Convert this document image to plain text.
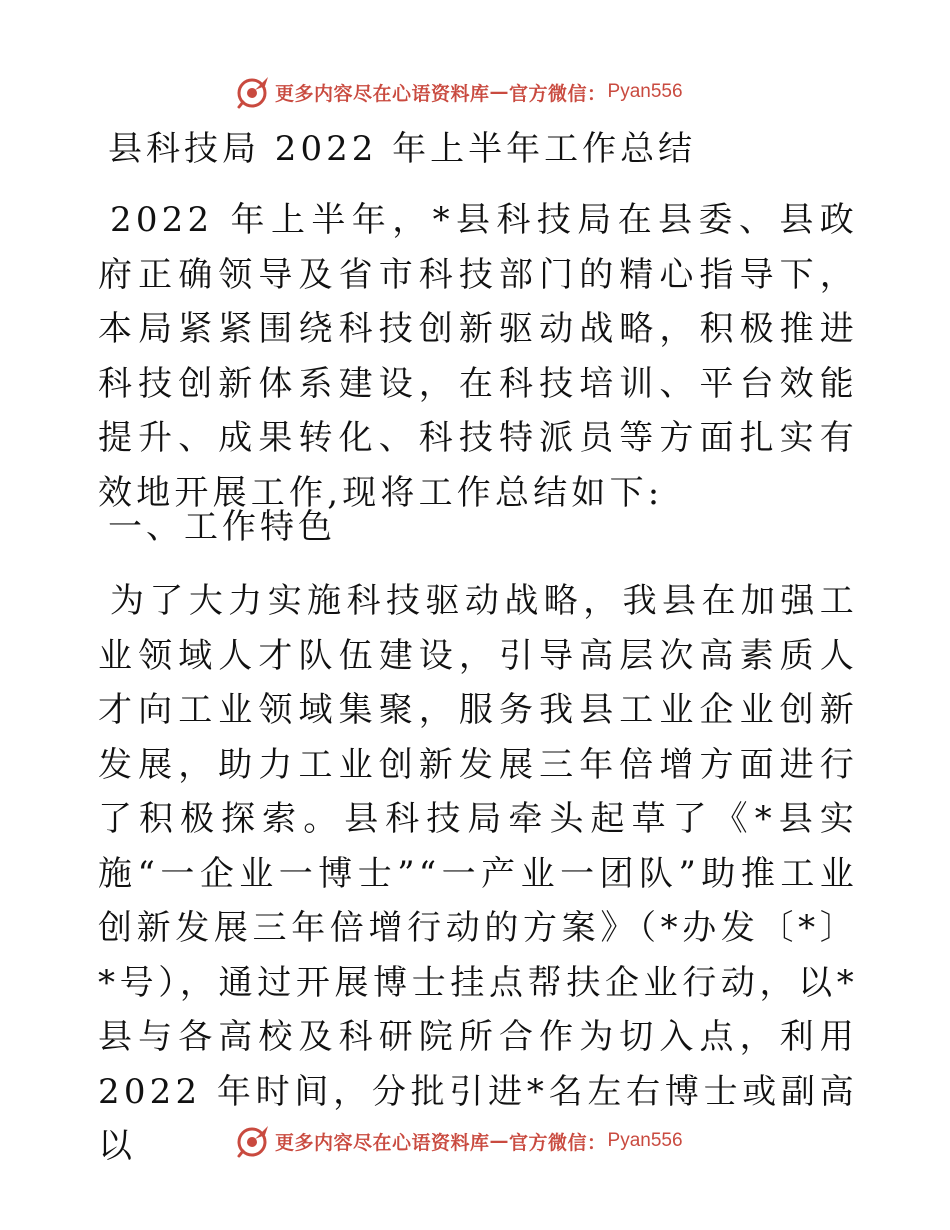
更多内容尽在心语资料库 — 官方微信： Pyan556
县科技局 2022 年上半年工作总结

2022 年上半年，*县科技局在县委、县政府正确领导及省市科技部门的精心指导下，本局紧紧围绕科技创新驱动战略，积极推进科技创新体系建设，在科技培训、平台效能提升、成果转化、科技特派员等方面扎实有效地开展工作,现将工作总结如下:

一、工作特色

为了大力实施科技驱动战略，我县在加强工业领域人才队伍建设，引导高层次高素质人才向工业领域集聚，服务我县工业企业创新发展，助力工业创新发展三年倍增方面进行了积极探索。县科技局牵头起草了《*县实施“一企业一博士”“一产业一团队”助推工业创新发展三年倍增行动的方案》（*办发〔*〕*号），通过开展博士挂点帮扶企业行动，以*县与各高校及科研院所合作为切入点，利用 2022 年时间，分批引进*名左右博士或副高以	更多内容尽在心语资料库 — 官方微信： Pyan556
